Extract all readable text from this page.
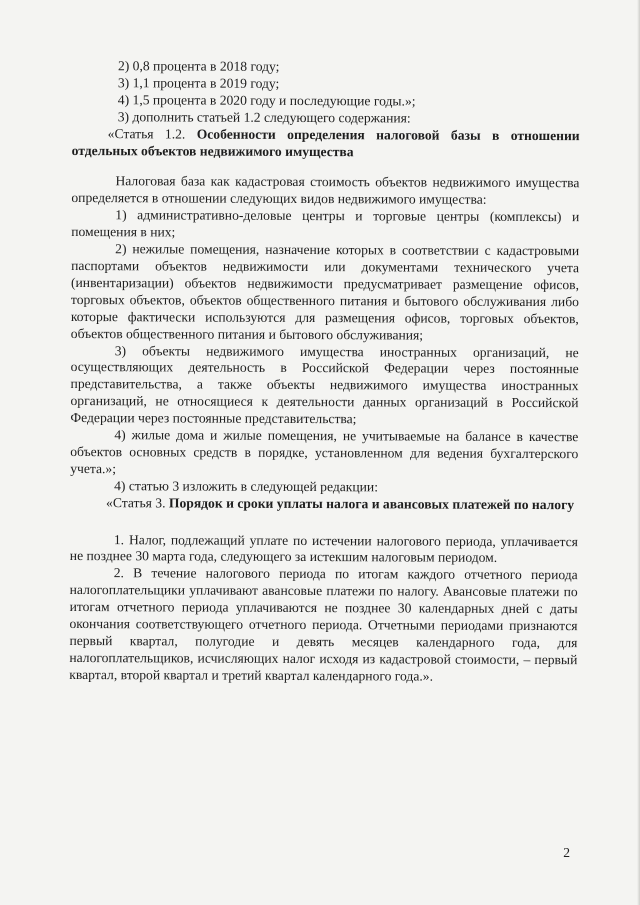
2) 0,8 процента в 2018 году;

3) 1,1 процента в 2019 году;

4) 1,5 процента в 2020 году и последующие годы.»;

3) дополнить статьей 1.2 следующего содержания:

«Статья 1.2. Особенности определения налоговой базы в отношении отдельных объектов недвижимого имущества

Налоговая база как кадастровая стоимость объектов недвижимого имущества определяется в отношении следующих видов недвижимого имущества:

1) административно-деловые центры и торговые центры (комплексы) и помещения в них;

2) нежилые помещения, назначение которых в соответствии с кадастровыми паспортами объектов недвижимости или документами технического учета (инвентаризации) объектов недвижимости предусматривает размещение офисов, торговых объектов, объектов общественного питания и бытового обслуживания либо которые фактически используются для размещения офисов, торговых объектов, объектов общественного питания и бытового обслуживания;

3) объекты недвижимого имущества иностранных организаций, не осуществляющих деятельность в Российской Федерации через постоянные представительства, а также объекты недвижимого имущества иностранных организаций, не относящиеся к деятельности данных организаций в Российской Федерации через постоянные представительства;

4) жилые дома и жилые помещения, не учитываемые на балансе в качестве объектов основных средств в порядке, установленном для ведения бухгалтерского учета.»;

4) статью 3 изложить в следующей редакции:

«Статья 3. Порядок и сроки уплаты налога и авансовых платежей по налогу

1. Налог, подлежащий уплате по истечении налогового периода, уплачивается не позднее 30 марта года, следующего за истекшим налоговым периодом.

2. В течение налогового периода по итогам каждого отчетного периода налогоплательщики уплачивают авансовые платежи по налогу. Авансовые платежи по итогам отчетного периода уплачиваются не позднее 30 календарных дней с даты окончания соответствующего отчетного периода. Отчетными периодами признаются первый квартал, полугодие и девять месяцев календарного года, для налогоплательщиков, исчисляющих налог исходя из кадастровой стоимости, – первый квартал, второй квартал и третий квартал календарного года.».

2
